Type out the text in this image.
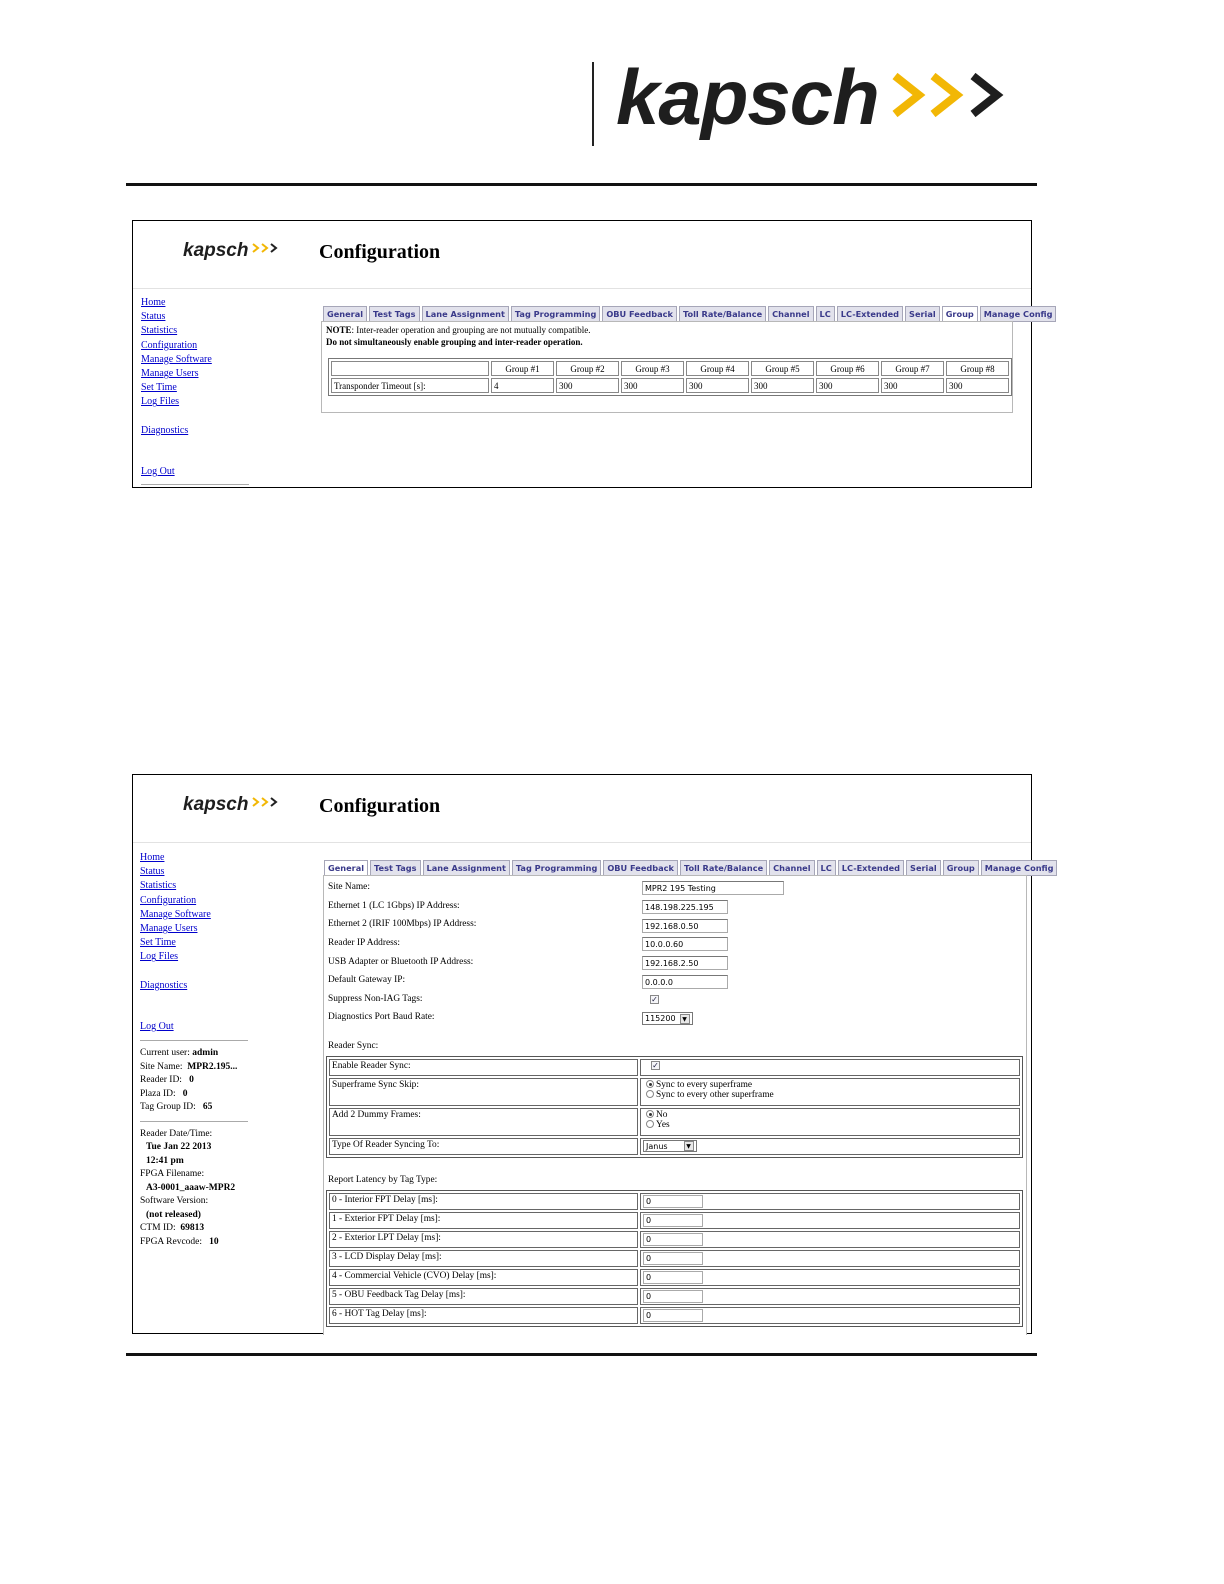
kapsch
kapsch	Configuration
Home
Status
Statistics
Configuration
Manage Software
Manage Users
Set Time
Log Files
Diagnostics
Log Out
General	Test Tags	Lane Assignment	Tag Programming	OBU Feedback	Toll Rate/Balance	Channel	LC	LC-Extended	Serial	Group	Manage Config
NOTE: Inter-reader operation and grouping are not mutually compatible.
Do not simultaneously enable grouping and inter-reader operation.
	Group #1	Group #2	Group #3	Group #4	Group #5	Group #6	Group #7	Group #8
Transponder Timeout [s]:	4	300	300	300	300	300	300	300
kapsch	Configuration
Home
Status
Statistics
Configuration
Manage Software
Manage Users
Set Time
Log Files
Diagnostics
Log Out
Current user: admin
Site Name: MPR2.195...
Reader ID: 0
Plaza ID: 0
Tag Group ID: 65
Reader Date/Time:
Tue Jan 22 2013
12:41 pm
FPGA Filename:
A3-0001_aaaw-MPR2
Software Version:
(not released)
CTM ID: 69813
FPGA Revcode: 10
General	Test Tags	Lane Assignment	Tag Programming	OBU Feedback	Toll Rate/Balance	Channel	LC	LC-Extended	Serial	Group	Manage Config
Site Name:	MPR2 195 Testing
Ethernet 1 (LC 1Gbps) IP Address:	148.198.225.195
Ethernet 2 (IRIF 100Mbps) IP Address:	192.168.0.50
Reader IP Address:	10.0.0.60
USB Adapter or Bluetooth IP Address:	192.168.2.50
Default Gateway IP:	0.0.0.0
Suppress Non-IAG Tags:	✓
Diagnostics Port Baud Rate:	115200	▼
Reader Sync:
Enable Reader Sync:	✓
Superframe Sync Skip:	Sync to every superframe
Sync to every other superframe

Add 2 Dummy Frames:	No
Yes

Type Of Reader Syncing To:	Janus ▼
Report Latency by Tag Type:
0 - Interior FPT Delay [ms]:	0
1 - Exterior FPT Delay [ms]:	0
2 - Exterior LPT Delay [ms]:	0
3 - LCD Display Delay [ms]:	0
4 - Commercial Vehicle (CVO) Delay [ms]:	0
5 - OBU Feedback Tag Delay [ms]:	0
6 - HOT Tag Delay [ms]:	0
